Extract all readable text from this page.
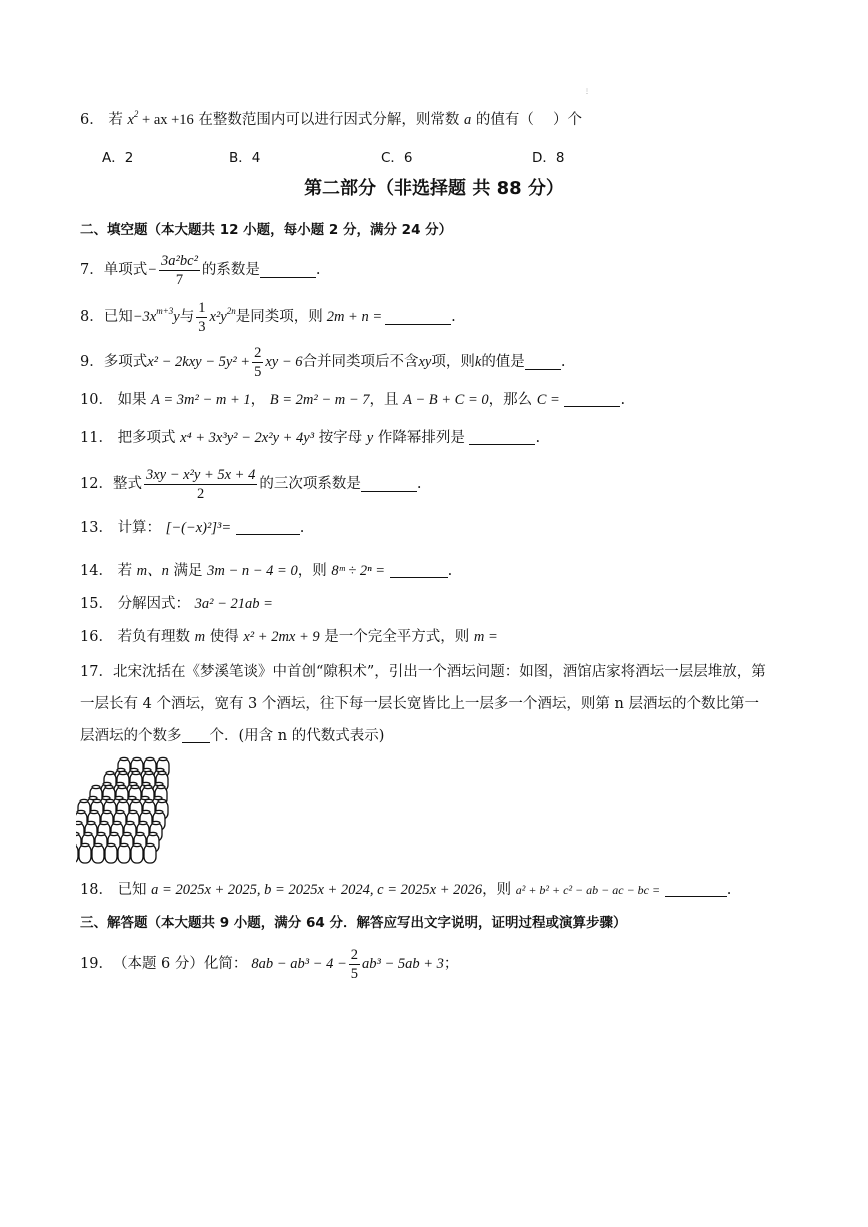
⋮
6． 若 $x^2$ + ax +16 在整数范围内可以进行因式分解，则常数 a 的值有（　 ）个
A．2	B．4	C．6	D．8
第二部分（非选择题 共 88 分）
二、填空题（本大题共 12 小题，每小题 2 分，满分 24 分）
7． 单项式 − $\frac{\text{3a²bc²}}{7}$ 的系数是	.
8． 已知 $-3x^{m+3}y$ 与 $\frac{1}{3} x^2y^{2n}$ 是同类项，则 2m + n =	.
9． 多项式 $x^2 - 2kxy - 5y^2 + \frac{2}{5}$ xy − 6 合并同类项后不含 xy 项，则 k 的值是 .
10． 如果 A = 3m² − m + 1， B = 2m² − m − 7，且 A − B + C = 0，那么 C =	.
11． 把多项式 x⁴ + 3x³y² − 2x²y + 4y³ 按字母 y 作降幂排列是	.
12． 整式 $\frac{\text{3xy − x²y + 5x + 4}}{2}$ 的三次项系数是	.
13． 计算： [−(−x)²]³=	.
14． 若 m、n 满足 3m − n − 4 = 0，则 8ᵐ ÷ 2ⁿ =	.
15． 分解因式： 3a² − 21ab =
16． 若负有理数 m 使得 x² + 2mx + 9 是一个完全平方式，则 m =
17．北宋沈括在《梦溪笔谈》中首创“隙积术”，引出一个酒坛问题：如图，酒馆店家将酒坛一层层堆放，第
一层长有 4 个酒坛，宽有 3 个酒坛，往下每一层长宽皆比上一层多一个酒坛，则第 n 层酒坛的个数比第一
层酒坛的个数多 个．(用含 n 的代数式表示)
18． 已知 a = 2025x + 2025, b = 2025x + 2024, c = 2025x + 2026，则 a² + b² + c² − ab − ac − bc =	.
三、解答题（本大题共 9 小题，满分 64 分．解答应写出文字说明，证明过程或演算步骤）
19． （本题 6 分）化简： $8ab - ab^3 - 4 - \frac{2}{5} ab^3 - 5ab + 3$ ；
